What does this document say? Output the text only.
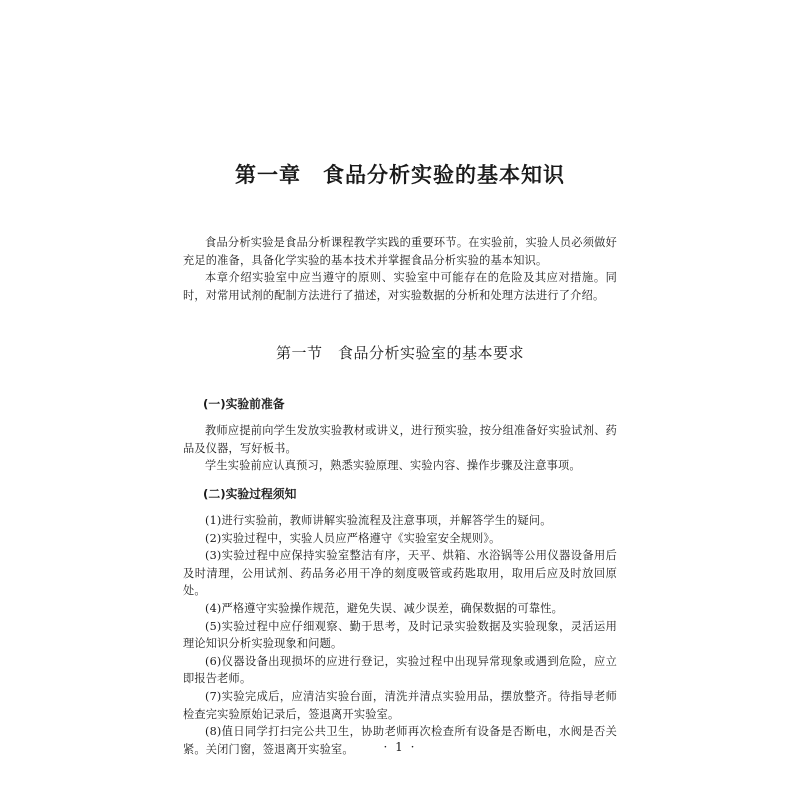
第一章　食品分析实验的基本知识

食品分析实验是食品分析课程教学实践的重要环节。在实验前，实验人员必须做好充足的准备，具备化学实验的基本技术并掌握食品分析实验的基本知识。

本章介绍实验室中应当遵守的原则、实验室中可能存在的危险及其应对措施。同时，对常用试剂的配制方法进行了描述，对实验数据的分析和处理方法进行了介绍。

第一节　食品分析实验室的基本要求
(一)实验前准备

教师应提前向学生发放实验教材或讲义，进行预实验，按分组准备好实验试剂、药品及仪器，写好板书。

学生实验前应认真预习，熟悉实验原理、实验内容、操作步骤及注意事项。

(二)实验过程须知

(1)进行实验前，教师讲解实验流程及注意事项，并解答学生的疑问。

(2)实验过程中，实验人员应严格遵守《实验室安全规则》。

(3)实验过程中应保持实验室整洁有序，天平、烘箱、水浴锅等公用仪器设备用后及时清理，公用试剂、药品务必用干净的刻度吸管或药匙取用，取用后应及时放回原处。

(4)严格遵守实验操作规范，避免失误、减少误差，确保数据的可靠性。

(5)实验过程中应仔细观察、勤于思考，及时记录实验数据及实验现象，灵活运用理论知识分析实验现象和问题。

(6)仪器设备出现损坏的应进行登记，实验过程中出现异常现象或遇到危险，应立即报告老师。

(7)实验完成后，应清洁实验台面，清洗并清点实验用品，摆放整齐。待指导老师检查完实验原始记录后，签退离开实验室。

(8)值日同学打扫完公共卫生，协助老师再次检查所有设备是否断电，水阀是否关紧。关闭门窗，签退离开实验室。	· 1 ·
